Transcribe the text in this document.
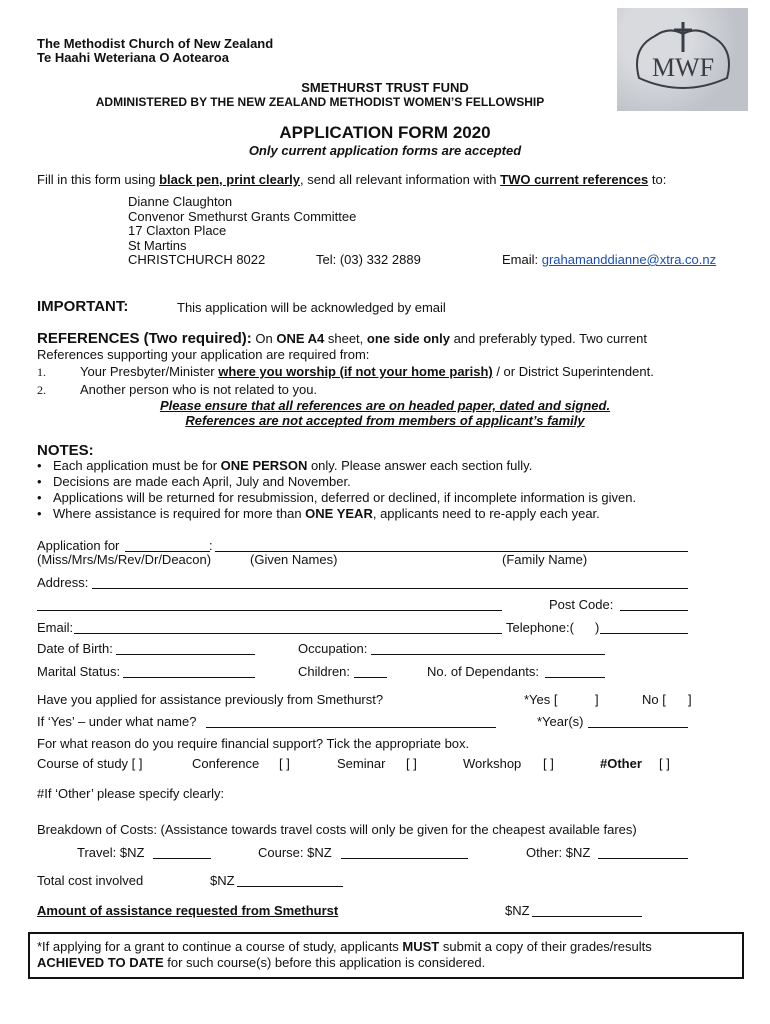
The Methodist Church of New Zealand
Te Haahi Weteriana O Aotearoa	MWF
SMETHURST TRUST FUND
ADMINISTERED BY THE NEW ZEALAND METHODIST WOMEN’S FELLOWSHIP
APPLICATION FORM 2020
Only current application forms are accepted
Fill in this form using black pen, print clearly, send all relevant information with TWO current references to:
Dianne Claughton
Convenor Smethurst Grants Committee
17 Claxton Place
St Martins
CHRISTCHURCH 8022	Tel: (03) 332 2889	Email: grahamanddianne@xtra.co.nz
IMPORTANT:	This application will be acknowledged by email
REFERENCES (Two required): On ONE A4 sheet, one side only and preferably typed. Two current
References supporting your application are required from:
1.	Your Presbyter/Minister where you worship (if not your home parish) / or District Superintendent.
2.	Another person who is not related to you.
Please ensure that all references are on headed paper, dated and signed.
References are not accepted from members of applicant’s family
NOTES:
• Each application must be for ONE PERSON only. Please answer each section fully.
• Decisions are made each April, July and November.
• Applications will be returned for resubmission, deferred or declined, if incomplete information is given.
• Where assistance is required for more than ONE YEAR, applicants need to re-apply each year.
Application for	:
(Miss/Mrs/Ms/Rev/Dr/Deacon)	(Given Names)	(Family Name)
Address:
Post Code:
Email:	Telephone:( )
Date of Birth:	Occupation:
Marital Status:	Children:	No. of Dependants:
Have you applied for assistance previously from Smethurst?	*Yes [	]	No [ ]
If ‘Yes’ – under what name?	*Year(s)
For what reason do you require financial support? Tick the appropriate box.
Course of study [ ]	Conference [ ]	Seminar [ ]	Workshop [ ]	#Other [ ]
#If ‘Other’ please specify clearly:
Breakdown of Costs: (Assistance towards travel costs will only be given for the cheapest available fares)
Travel: $NZ	Course: $NZ	Other: $NZ
Total cost involved	$NZ
Amount of assistance requested from Smethurst	$NZ
*If applying for a grant to continue a course of study, applicants MUST submit a copy of their grades/results
ACHIEVED TO DATE for such course(s) before this application is considered.
